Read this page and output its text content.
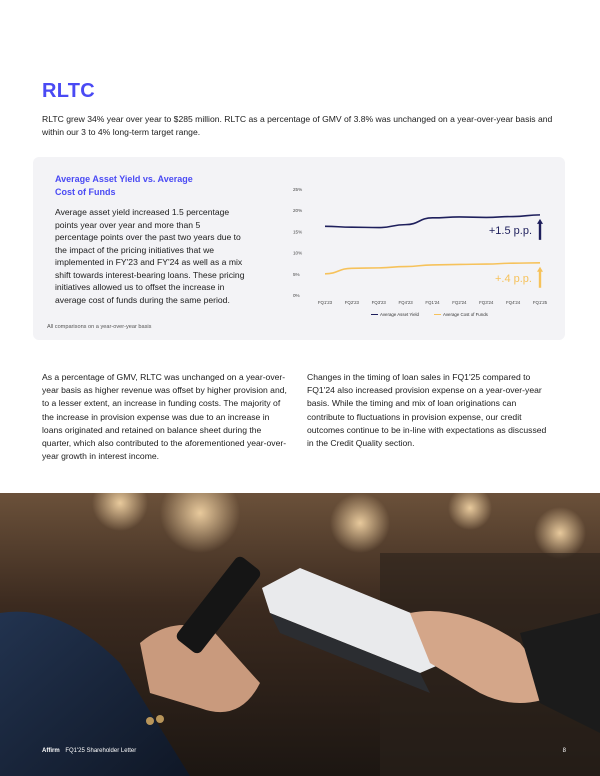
RLTC

RLTC grew 34% year over year to $285 million. RLTC as a percentage of GMV of 3.8% was unchanged on a year-over-year basis and within our 3 to 4% long-term target range.

Average Asset Yield vs. Average Cost of Funds

Average asset yield increased 1.5 percentage points year over year and more than 5 percentage points over the past two years due to the impact of the pricing initiatives that we implemented in FY'23 and FY'24 as well as a mix shift towards interest-bearing loans. These pricing initiatives allowed us to offset the increase in average cost of funds during the same period.

All comparisons on a year-over-year basis
25%
20%
15%
10%
5%
0%
FQ1'23	FQ2'23	FQ3'23	FQ4'23	FQ1'24	FQ2'24	FQ3'24	FQ4'24	FQ1'25
+1.5 p.p.
+.4 p.p.
Average Asset Yield	Average Cost of Funds

As a percentage of GMV, RLTC was unchanged on a year-over-year basis as higher revenue was offset by higher provision and, to a lesser extent, an increase in funding costs. The majority of the increase in provision expense was due to an increase in loans originated and retained on balance sheet during the quarter, which also contributed to the aforementioned year-over-year growth in interest income.

Changes in the timing of loan sales in FQ1'25 compared to FQ1'24 also increased provision expense on a year-over-year basis. While the timing and mix of loan originations can contribute to fluctuations in provision expense, our credit outcomes continue to be in-line with expectations as discussed in the Credit Quality section.

Affirm FQ1'25 Shareholder Letter	8
